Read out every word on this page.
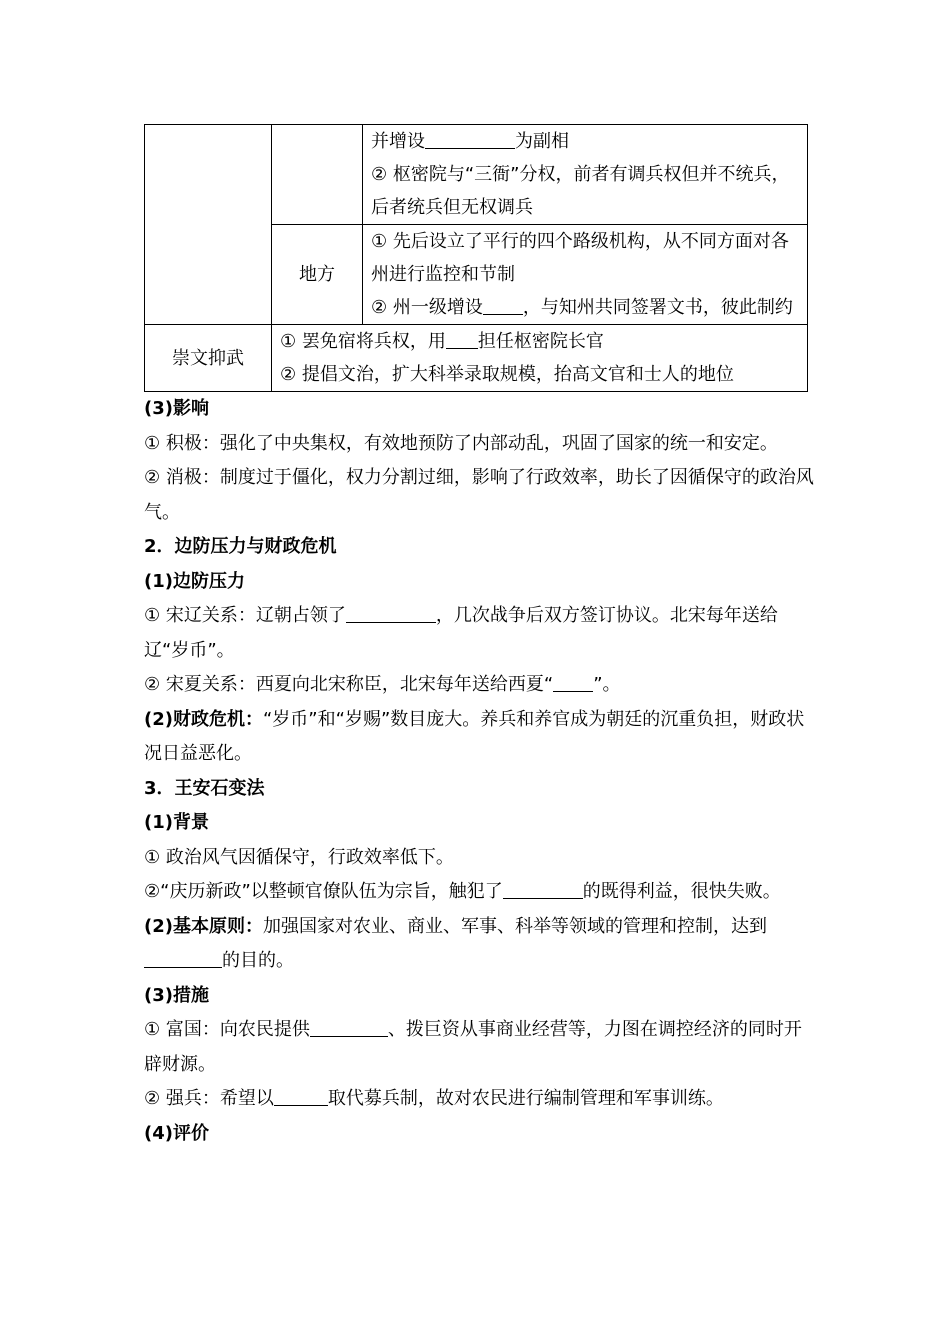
		并增设 为副相
② 枢密院与“三衙”分权，前者有调兵权但并不统兵，后者统兵但无权调兵

	地方	① 先后设立了平行的四个路级机构，从不同方面对各州进行监控和节制
② 州一级增设 ，与知州共同签署文书，彼此制约

崇文抑武	① 罢免宿将兵权，用 担任枢密院长官
② 提倡文治，扩大科举录取规模，抬高文官和士人的地位	

(3)影响

① 积极：强化了中央集权，有效地预防了内部动乱，巩固了国家的统一和安定。

② 消极：制度过于僵化，权力分割过细，影响了行政效率，助长了因循保守的政治风气。

2．边防压力与财政危机

(1)边防压力

① 宋辽关系：辽朝占领了	，几次战争后双方签订协议。北宋每年送给辽“岁币”。

② 宋夏关系：西夏向北宋称臣，北宋每年送给西夏“ ”。

(2)财政危机：“岁币”和“岁赐”数目庞大。养兵和养官成为朝廷的沉重负担，财政状况日益恶化。

3．王安石变法

(1)背景

① 政治风气因循保守，行政效率低下。

②“庆历新政”以整顿官僚队伍为宗旨，触犯了	的既得利益，很快失败。

(2)基本原则：加强国家对农业、商业、军事、科举等领域的管理和控制，达到的目的。

(3)措施

① 富国：向农民提供	、拨巨资从事商业经营等，力图在调控经济的同时开辟财源。

② 强兵：希望以	取代募兵制，故对农民进行编制管理和军事训练。

(4)评价
